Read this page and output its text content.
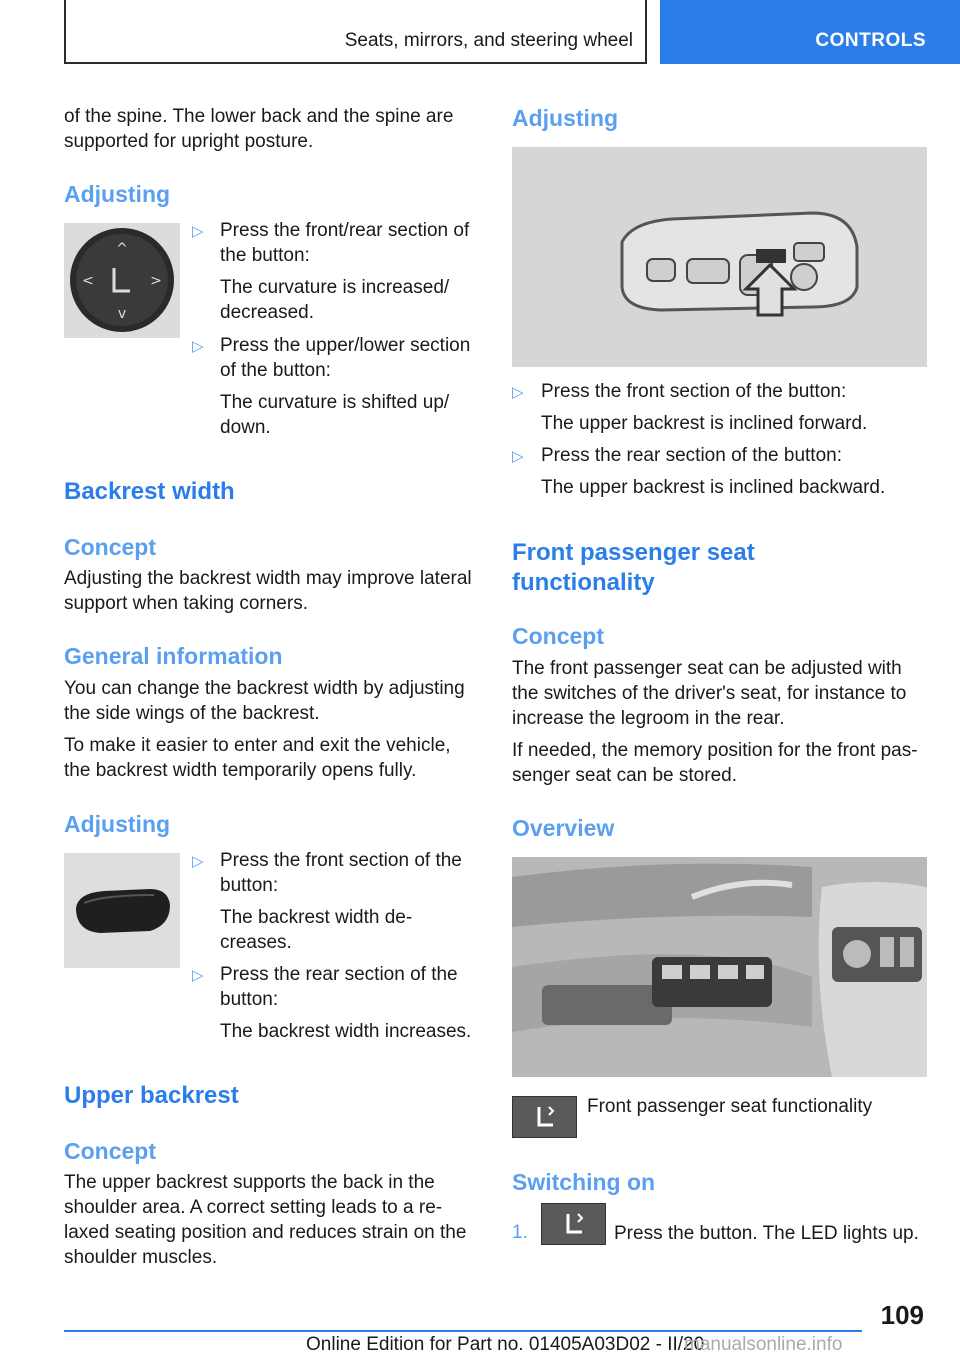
Seats, mirrors, and steering wheel	CONTROLS

of the spine. The lower back and the spine are

supported for upright posture.

Adjusting
^
v
<	>
▷ Press the front/rear section of

the button:

The curvature is increased/

decreased.

▷ Press the upper/lower section

of the button:

The curvature is shifted up/

down.

Backrest width
Concept

Adjusting the backrest width may improve lateral

support when taking corners.

General information

You can change the backrest width by adjusting

the side wings of the backrest.

To make it easier to enter and exit the vehicle,

the backrest width temporarily opens fully.

Adjusting
▷ Press the front section of the

button:

The backrest width de‐

creases.

▷ Press the rear section of the

button:

The backrest width increases.

Upper backrest
Concept

The upper backrest supports the back in the

shoulder area. A correct setting leads to a re‐

laxed seating position and reduces strain on the

shoulder muscles.

Adjusting
▷ Press the front section of the button:

The upper backrest is inclined forward.

▷ Press the rear section of the button:

The upper backrest is inclined backward.

Front passenger seat
functionality
Concept

The front passenger seat can be adjusted with

the switches of the driver's seat, for instance to

increase the legroom in the rear.

If needed, the memory position for the front pas‐

senger seat can be stored.

Overview

Front passenger seat functionality

Switching on
1.	Press the button. The LED lights up.

109
Online Edition for Part no. 01405A03D02 - II/20
manualsonline.info
